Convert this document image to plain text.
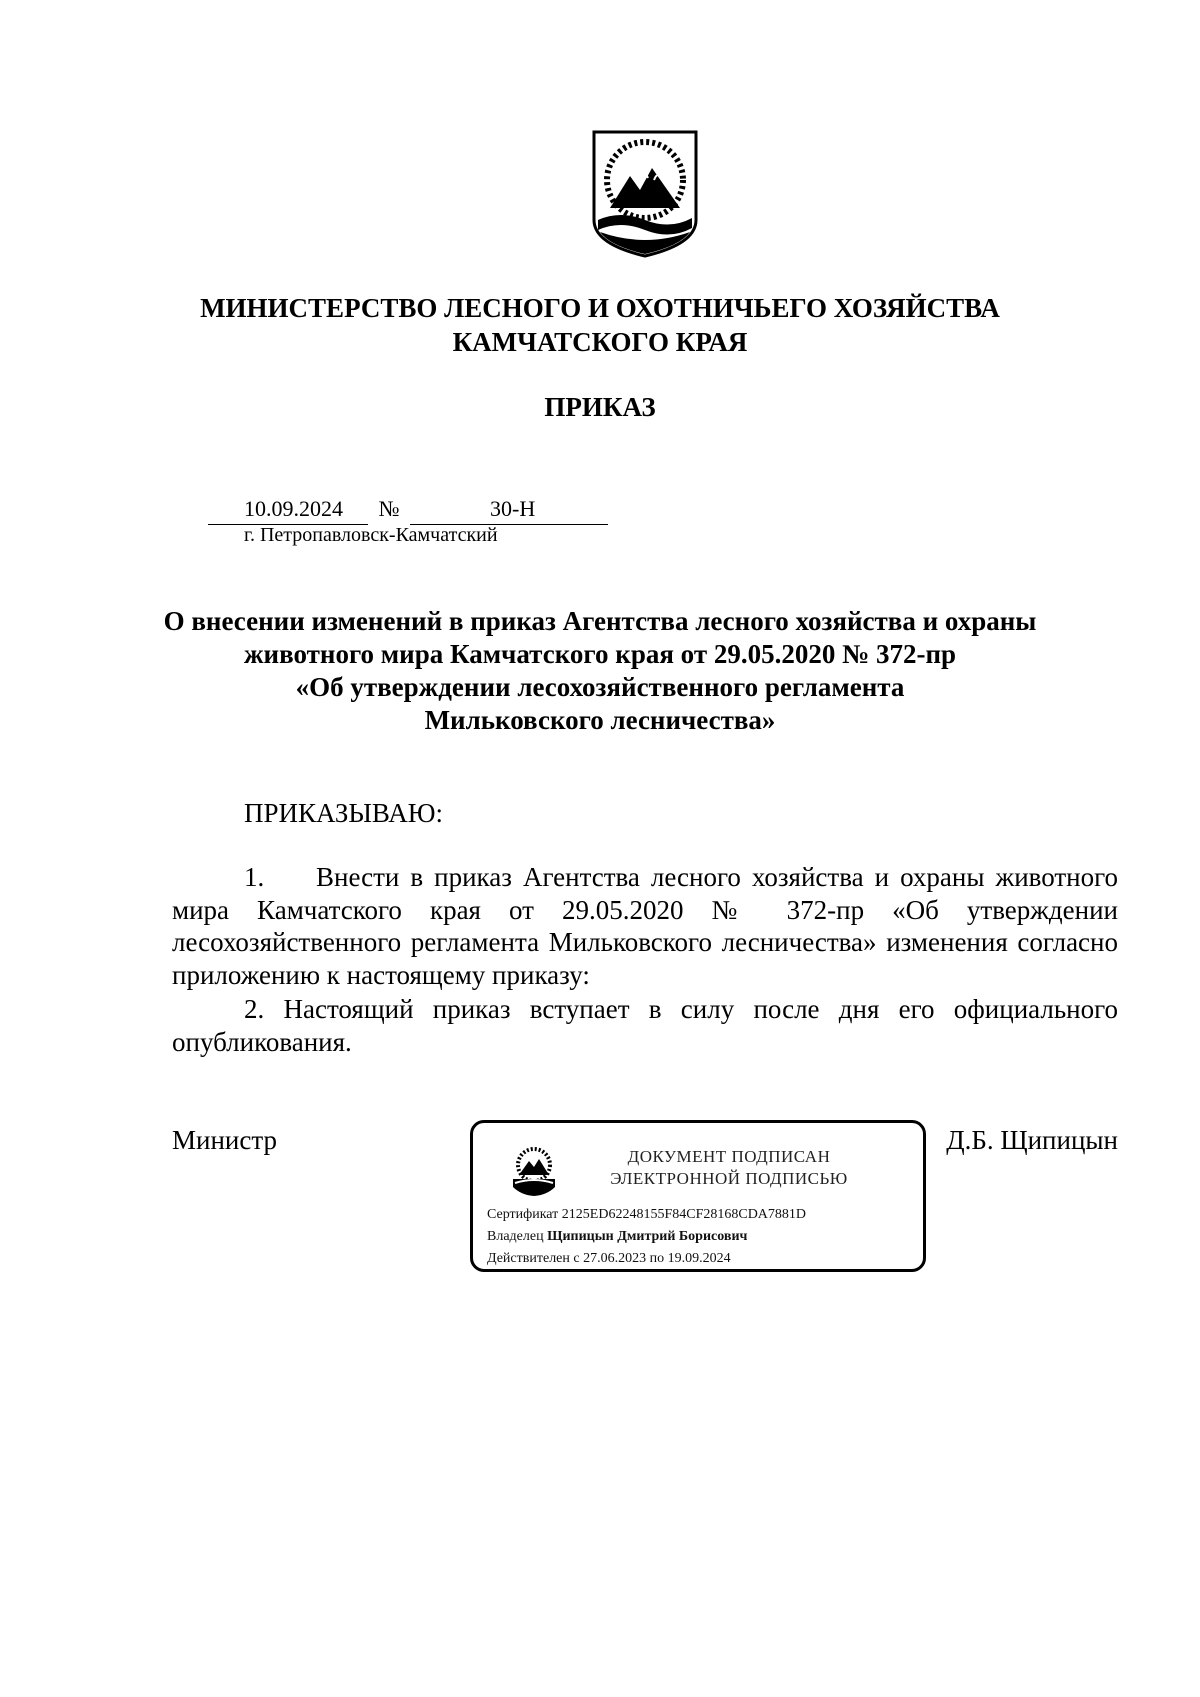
МИНИСТЕРСТВО ЛЕСНОГО И ОХОТНИЧЬЕГО ХОЗЯЙСТВА
КАМЧАТСКОГО КРАЯ
ПРИКАЗ
10.09.2024	№	30-Н
г. Петропавловск-Камчатский
О внесении изменений в приказ Агентства лесного хозяйства и охраны
животного мира Камчатского края от 29.05.2020 № 372-пр
«Об утверждении лесохозяйственного регламента
Мильковского лесничества»
ПРИКАЗЫВАЮ:
1. Внести в приказ Агентства лесного хозяйства и охраны животного мира Камчатского края от 29.05.2020 № 372-пр «Об утверждении лесохозяйственного регламента Мильковского лесничества» изменения согласно приложению к настоящему приказу:
2. Настоящий приказ вступает в силу после дня его официального опубликования.
Министр	Д.Б. Щипицын
ДОКУМЕНТ ПОДПИСАН
ЭЛЕКТРОННОЙ ПОДПИСЬЮ
Сертификат 2125ED62248155F84CF28168CDA7881D
Владелец Щипицын Дмитрий Борисович
Действителен с 27.06.2023 по 19.09.2024
